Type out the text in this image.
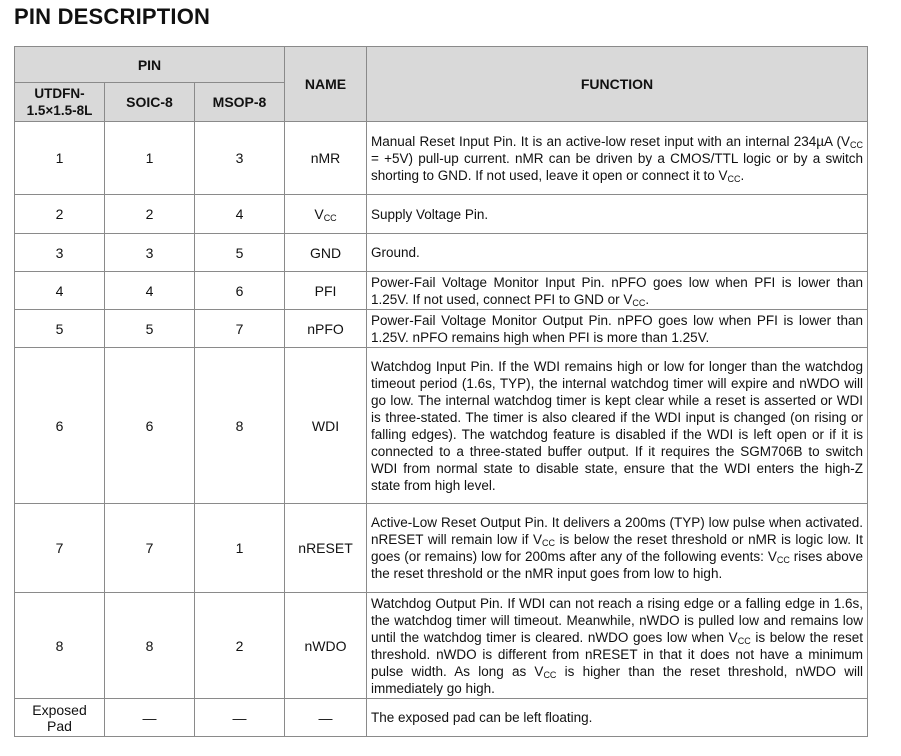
PIN DESCRIPTION
PIN			NAME	FUNCTION
UTDFN-
1.5×1.5-8L	SOIC-8	MSOP-8		
1	1	3	nMR	Manual Reset Input Pin. It is an active-low reset input with an internal 234µA $(V_{CC} = +5V)$ pull-up current. nMR can be driven by a CMOS/TTL logic or by a switch shorting to GND. If not used, leave it open or connect it to $V_{CC}$.
2	2	4	$V_{CC}$	Supply Voltage Pin.
3	3	5	GND	Ground.
4	4	6	PFI	Power-Fail Voltage Monitor Input Pin. nPFO goes low when PFI is lower than 1.25V. If not used, connect PFI to GND or $V_{CC}$.
5	5	7	nPFO	Power-Fail Voltage Monitor Output Pin. nPFO goes low when PFI is lower than 1.25V. nPFO remains high when PFI is more than 1.25V.
6	6	8	WDI	Watchdog Input Pin. If the WDI remains high or low for longer than the watchdog timeout period (1.6s, TYP), the internal watchdog timer will expire and nWDO will go low. The internal watchdog timer is kept clear while a reset is asserted or WDI is three-stated. The timer is also cleared if the WDI input is changed (on rising or falling edges). The watchdog feature is disabled if the WDI is left open or if it is connected to a three-stated buffer output. If it requires the SGM706B to switch WDI from normal state to disable state, ensure that the WDI enters the high-Z state from high level.
7	7	1	nRESET	Active-Low Reset Output Pin. It delivers a 200ms (TYP) low pulse when activated. nRESET will remain low if $V_{CC}$ is below the reset threshold or nMR is logic low. It goes (or remains) low for 200ms after any of the following events: $V_{CC}$ rises above the reset threshold or the nMR input goes from low to high.
8	8	2	nWDO	Watchdog Output Pin. If WDI can not reach a rising edge or a falling edge in 1.6s, the watchdog timer will timeout. Meanwhile, nWDO is pulled low and remains low until the watchdog timer is cleared. nWDO goes low when $V_{CC}$ is below the reset threshold. nWDO is different from nRESET in that it does not have a minimum pulse width. As long as $V_{CC}$ is higher than the reset threshold, nWDO will immediately go high.
Exposed
Pad	—	—	—	The exposed pad can be left floating.
